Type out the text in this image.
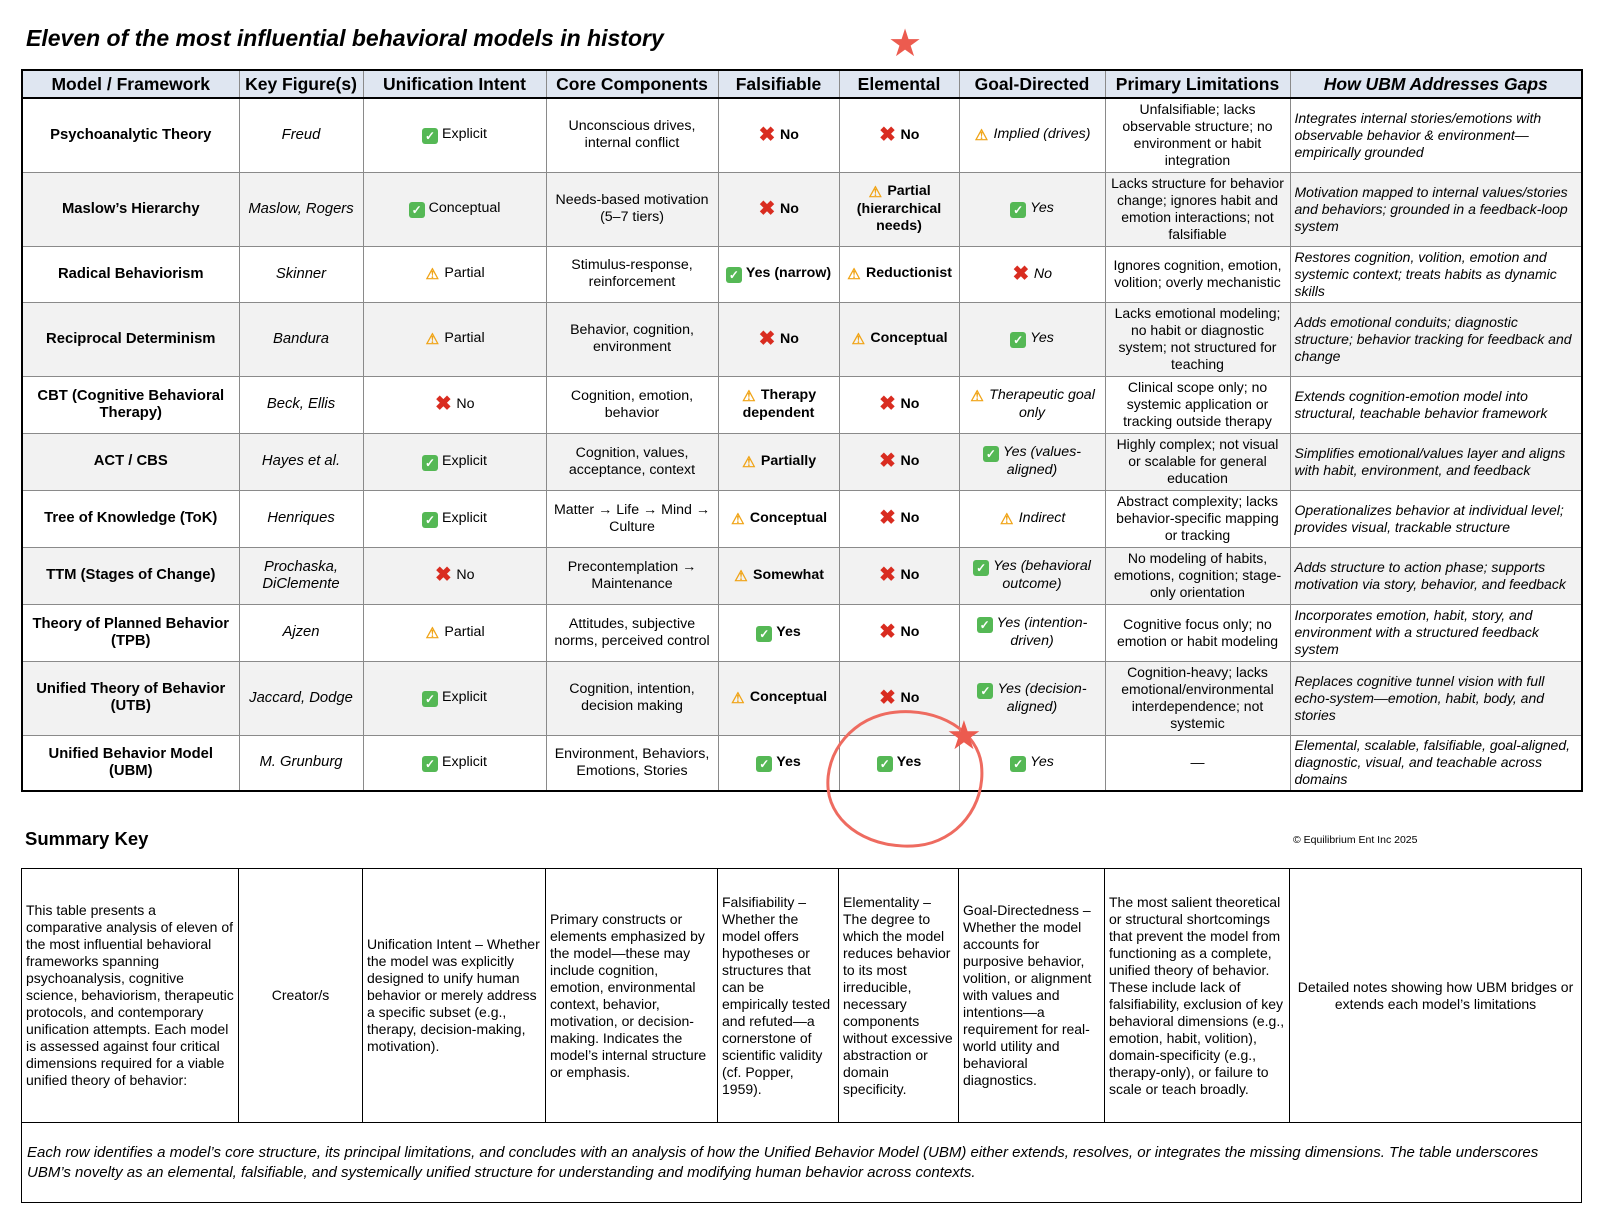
Eleven of the most influential behavioral models in history	★
Model / Framework	Key Figure(s)	Unification Intent	Core Components	Falsifiable	Elemental	Goal-Directed	Primary Limitations	How UBM Addresses Gaps
Psychoanalytic Theory	Freud	✓ Explicit	Unconscious drives, internal conflict	✖ No	✖ No	⚠ Implied (drives)	Unfalsifiable; lacks observable structure; no environment or habit integration	Integrates internal stories/emotions with observable behavior & environment—empirically grounded
Maslow’s Hierarchy	Maslow, Rogers	✓ Conceptual	Needs-based motivation (5–7 tiers)	✖ No	⚠ Partial (hierarchical needs)	✓ Yes	Lacks structure for behavior change; ignores habit and emotion interactions; not falsifiable	Motivation mapped to internal values/stories and behaviors; grounded in a feedback-loop system
Radical Behaviorism	Skinner	⚠ Partial	Stimulus-response, reinforcement	✓ Yes (narrow)	⚠ Reductionist	✖ No	Ignores cognition, emotion, volition; overly mechanistic	Restores cognition, volition, emotion and systemic context; treats habits as dynamic skills
Reciprocal Determinism	Bandura	⚠ Partial	Behavior, cognition, environment	✖ No	⚠ Conceptual	✓ Yes	Lacks emotional modeling; no habit or diagnostic system; not structured for teaching	Adds emotional conduits; diagnostic structure; behavior tracking for feedback and change
CBT (Cognitive Behavioral Therapy)	Beck, Ellis	✖ No	Cognition, emotion, behavior	⚠ Therapy dependent	✖ No	⚠ Therapeutic goal only	Clinical scope only; no systemic application or tracking outside therapy	Extends cognition-emotion model into structural, teachable behavior framework
ACT / CBS	Hayes et al.	✓ Explicit	Cognition, values, acceptance, context	⚠ Partially	✖ No	✓ Yes (values-aligned)	Highly complex; not visual or scalable for general education	Simplifies emotional/values layer and aligns with habit, environment, and feedback
Tree of Knowledge (ToK)	Henriques	✓ Explicit	Matter → Life → Mind → Culture	⚠ Conceptual	✖ No	⚠ Indirect	Abstract complexity; lacks behavior-specific mapping or tracking	Operationalizes behavior at individual level; provides visual, trackable structure
TTM (Stages of Change)	Prochaska, DiClemente	✖ No	Precontemplation → Maintenance	⚠ Somewhat	✖ No	✓ Yes (behavioral outcome)	No modeling of habits, emotions, cognition; stage-only orientation	Adds structure to action phase; supports motivation via story, behavior, and feedback
Theory of Planned Behavior (TPB)	Ajzen	⚠ Partial	Attitudes, subjective norms, perceived control	✓ Yes	✖ No	✓ Yes (intention-driven)	Cognitive focus only; no emotion or habit modeling	Incorporates emotion, habit, story, and environment with a structured feedback system
Unified Theory of Behavior (UTB)	Jaccard, Dodge	✓ Explicit	Cognition, intention, decision making	⚠ Conceptual	✖ No	✓ Yes (decision-aligned)	Cognition-heavy; lacks emotional/environmental interdependence; not systemic	Replaces cognitive tunnel vision with full echo-system—emotion, habit, body, and stories
Unified Behavior Model (UBM)	M. Grunburg	✓ Explicit	Environment, Behaviors, Emotions, Stories	✓ Yes	✓ Yes	✓ Yes	—	Elemental, scalable, falsifiable, goal-aligned, diagnostic, visual, and teachable across domains
★
Summary Key	© Equilibrium Ent Inc 2025
This table presents a comparative analysis of eleven of the most influential behavioral frameworks spanning psychoanalysis, cognitive science, behaviorism, therapeutic protocols, and contemporary unification attempts. Each model is assessed against four critical dimensions required for a viable unified theory of behavior:	Creator/s	Unification Intent – Whether the model was explicitly designed to unify human behavior or merely address a specific subset (e.g., therapy, decision-making, motivation).	Primary constructs or elements emphasized by the model—these may include cognition, emotion, environmental context, behavior, motivation, or decision-making. Indicates the model’s internal structure or emphasis.	Falsifiability – Whether the model offers hypotheses or structures that can be empirically tested and refuted—a cornerstone of scientific validity (cf. Popper, 1959).	Elementality – The degree to which the model reduces behavior to its most irreducible, necessary components without excessive abstraction or domain specificity.	Goal-Directedness – Whether the model accounts for purposive behavior, volition, or alignment with values and intentions—a requirement for real-world utility and behavioral diagnostics.	The most salient theoretical or structural shortcomings that prevent the model from functioning as a complete, unified theory of behavior. These include lack of falsifiability, exclusion of key behavioral dimensions (e.g., emotion, habit, volition), domain-specificity (e.g., therapy-only), or failure to scale or teach broadly.	Detailed notes showing how UBM bridges or extends each model’s limitations
Each row identifies a model’s core structure, its principal limitations, and concludes with an analysis of how the Unified Behavior Model (UBM) either extends, resolves, or integrates the missing dimensions. The table underscores UBM’s novelty as an elemental, falsifiable, and systemically unified structure for understanding and modifying human behavior across contexts.
